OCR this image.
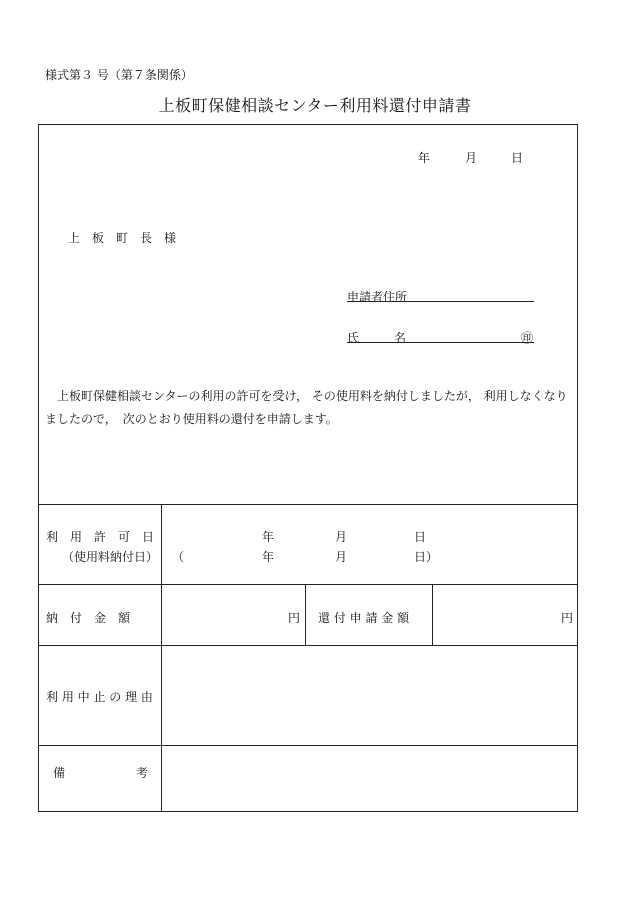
様式第３ 号（第７条関係）
上板町保健相談センター利用料還付申請書
年	月	日
上　板　町　長　様
申請者住所
氏	名	㊞
上板町保健相談センターの利用の許可を受け， その使用料を納付しましたが， 利用しなくなりましたので，　次のとおり使用料の還付を申請します。
利　用　許　可　日
（使用料納付日）
年	月	日
（	年	月	日）
納　付　金　額	円 還 付 申 請 金 額	円
利 用 中 止 の 理 由
備	考
